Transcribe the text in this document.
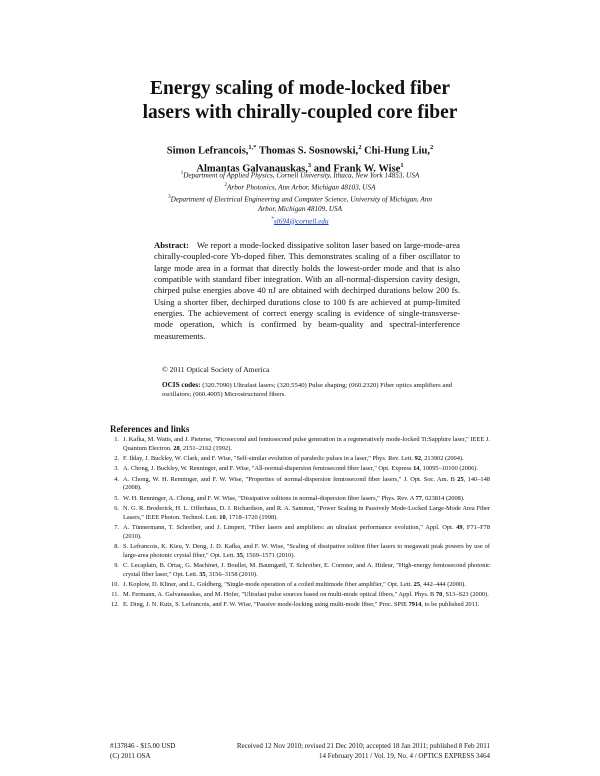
Energy scaling of mode-locked fiber
lasers with chirally-coupled core fiber
Simon Lefrancois,$^{1,*}$ Thomas S. Sosnowski,$^2$ Chi-Hung Liu,$^2$
Almantas Galvanauskas,$^3$ and Frank W. Wise$^1$
$^1$Department of Applied Physics, Cornell University, Ithaca, New York 14853, USA
$^2$Arbor Photonics, Ann Arbor, Michigan 48103, USA
$^3$Department of Electrical Engineering and Computer Science, University of Michigan, Ann
Arbor, Michigan 48109, USA
*sl694@cornell.edu
Abstract: We report a mode-locked dissipative soliton laser based on large-mode-area chirally-coupled-core Yb-doped fiber. This demonstrates scaling of a fiber oscillator to large mode area in a format that directly holds the lowest-order mode and that is also compatible with standard fiber integration. With an all-normal-dispersion cavity design, chirped pulse energies above 40 nJ are obtained with dechirped durations below 200 fs. Using a shorter fiber, dechirped durations close to 100 fs are achieved at pump-limited energies. The achievement of correct energy scaling is evidence of single-transverse-mode operation, which is confirmed by beam-quality and spectral-interference measurements.
© 2011 Optical Society of America
OCIS codes: (320.7090) Ultrafast lasers; (320.5540) Pulse shaping; (060.2320) Fiber optics amplifiers and oscillators; (060.4005) Microstructured fibers.
References and links
1. J. Kafka, M. Watts, and J. Pieterse, "Picosecond and femtosecond pulse generation in a regeneratively mode-locked Ti:Sapphire laser," IEEE J. Quantum Electron. 28, 2151–2162 (1992).
2. F. Ilday, J. Buckley, W. Clark, and F. Wise, "Self-similar evolution of parabolic pulses in a laser," Phys. Rev. Lett. 92, 213902 (2004).
3. A. Chong, J. Buckley, W. Renninger, and F. Wise, "All-normal-dispersion femtosecond fiber laser," Opt. Express 14, 10095–10100 (2006).
4. A. Chong, W. H. Renninger, and F. W. Wise, "Properties of normal-dispersion femtosecond fiber lasers," J. Opt. Soc. Am. B 25, 140–148 (2008).
5. W. H. Renninger, A. Chong, and F. W. Wise, "Dissipative solitons in normal-dispersion fiber lasers," Phys. Rev. A 77, 023814 (2008).
6. N. G. R. Broderick, H. L. Offerhaus, D. J. Richardson, and R. A. Sammut, "Power Scaling in Passively Mode-Locked Large-Mode Area Fiber Lasers," IEEE Photon. Technol. Lett. 10, 1718–1720 (1998).
7. A. Tünnermann, T. Schreiber, and J. Limpert, "Fiber lasers and amplifiers: an ultrafast performance evolution," Appl. Opt. 49, F71–F78 (2010).
8. S. Lefrancois, K. Kieu, Y. Deng, J. D. Kafka, and F. W. Wise, "Scaling of dissipative soliton fiber lasers to megawatt peak powers by use of large-area photonic crystal fiber," Opt. Lett. 35, 1569–1571 (2010).
9. C. Lecaplain, B. Ortaç, G. Machinet, J. Boullet, M. Baumgartl, T. Schreiber, E. Cormier, and A. Hideur, "High-energy femtosecond photonic crystal fiber laser," Opt. Lett. 35, 3156–3158 (2010).
10. J. Koplow, D. Kliner, and L. Goldberg, "Single-mode operation of a coiled multimode fiber amplifier," Opt. Lett. 25, 442–444 (2000).
11. M. Fermann, A. Galvanauskas, and M. Hofer, "Ultrafast pulse sources based on multi-mode optical fibers," Appl. Phys. B 70, S13–S23 (2000).
12. E. Ding, J. N. Kutz, S. Lefrancois, and F. W. Wise, "Passive mode-locking using multi-mode fiber," Proc. SPIE 7914, to be published 2011.
#137846 - $15.00 USD
(C) 2011 OSA
Received 12 Nov 2010; revised 21 Dec 2010; accepted 18 Jan 2011; published 8 Feb 2011
14 February 2011 / Vol. 19, No. 4 / OPTICS EXPRESS 3464
